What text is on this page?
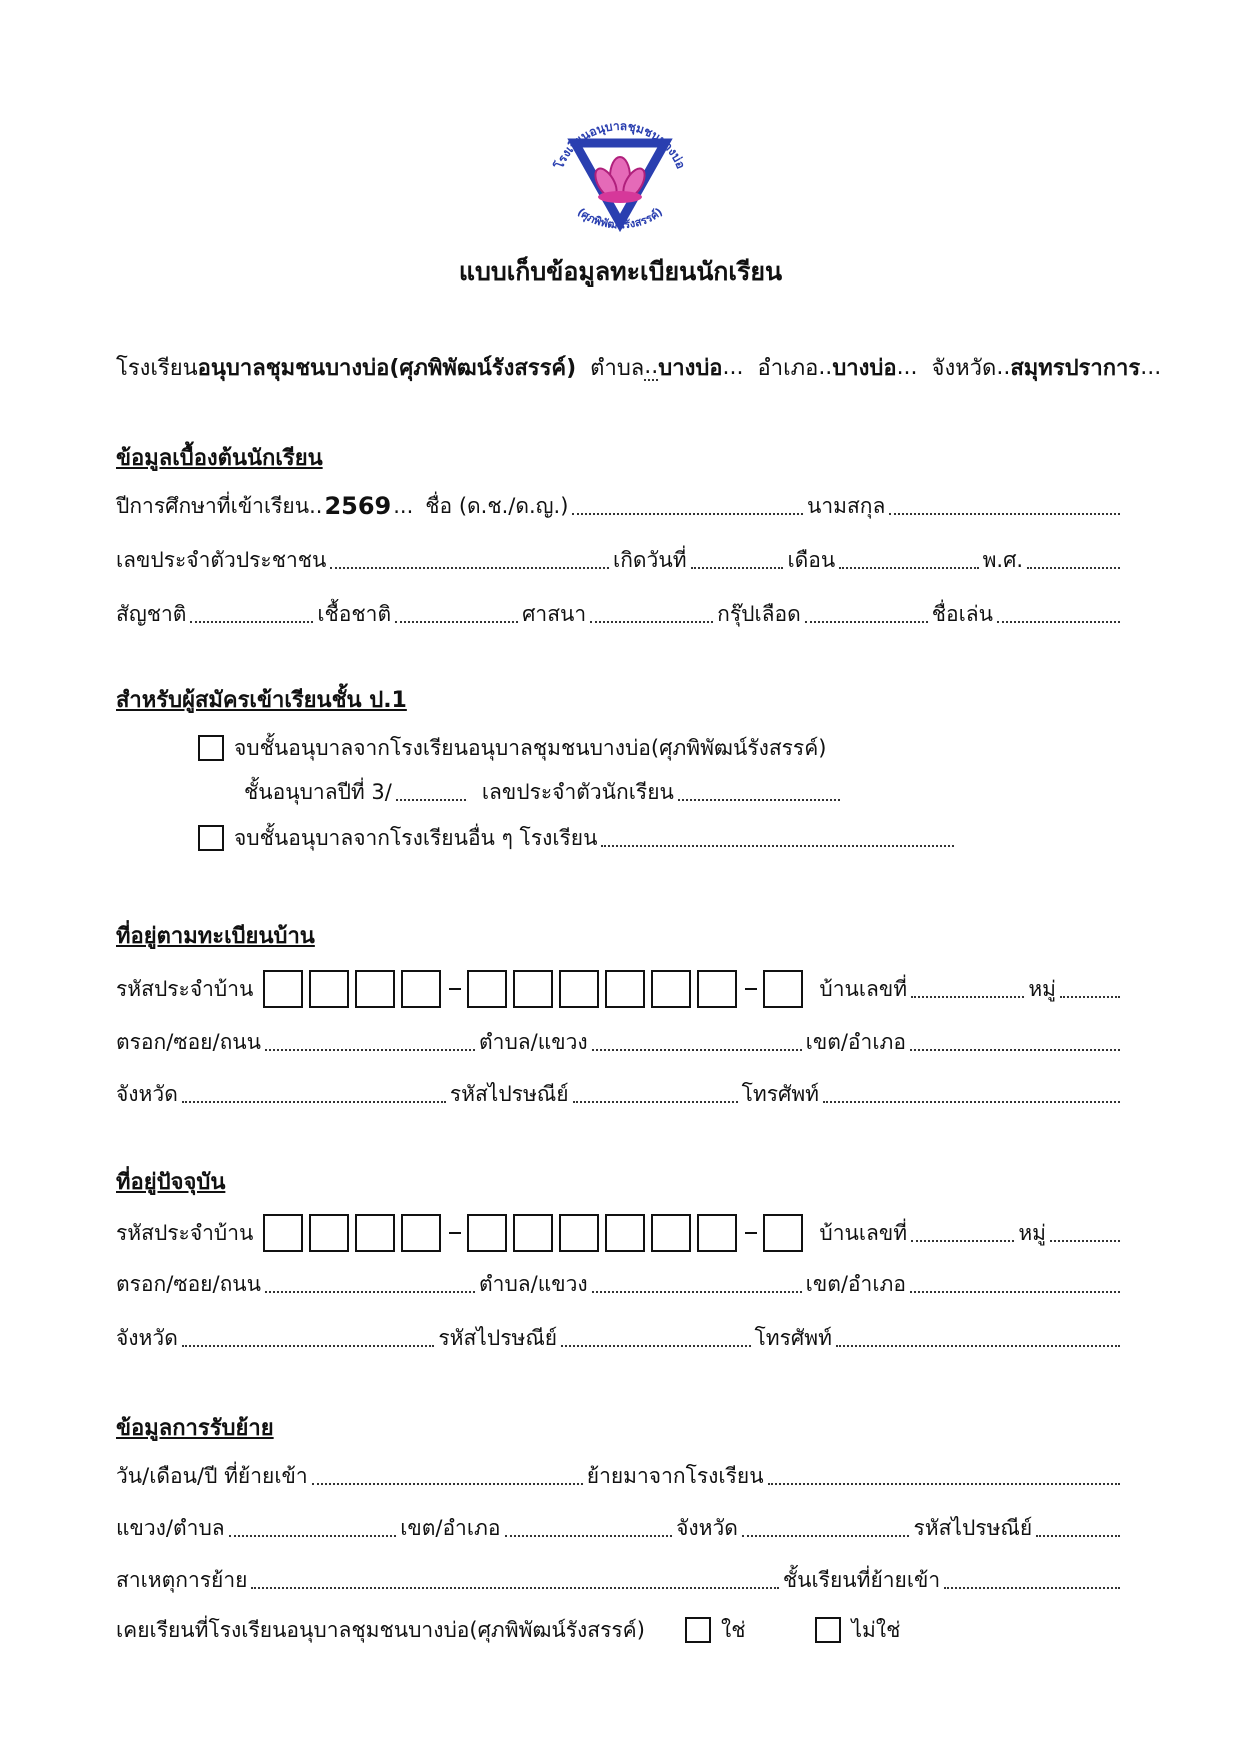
โรงเรียนอนุบาลชุมชนบางบ่อ
(ศุภพิพัฒน์รังสรรค์)
แบบเก็บข้อมูลทะเบียนนักเรียน
โรงเรียน อนุบาลชุมชนบางบ่อ(ศุภพิพัฒน์รังสรรค์) ตำบล .. บางบ่อ ... อำเภอ .. บางบ่อ ... จังหวัด .. สมุทรปราการ ...
ข้อมูลเบื้องต้นนักเรียน
ปีการศึกษาที่เข้าเรียน .. 2569 ... ชื่อ (ด.ช./ด.ญ.)	นามสกุล
เลขประจำตัวประชาชน	เกิดวันที่	เดือน	พ.ศ.
สัญชาติ	เชื้อชาติ	ศาสนา	กรุ๊ปเลือด	ชื่อเล่น
สำหรับผู้สมัครเข้าเรียนชั้น ป.1
จบชั้นอนุบาลจากโรงเรียนอนุบาลชุมชนบางบ่อ(ศุภพิพัฒน์รังสรรค์)
ชั้นอนุบาลปีที่ 3/	เลขประจำตัวนักเรียน
จบชั้นอนุบาลจากโรงเรียนอื่น ๆ โรงเรียน
ที่อยู่ตามทะเบียนบ้าน
รหัสประจำบ้าน	บ้านเลขที่	หมู่
ตรอก/ซอย/ถนน	ตำบล/แขวง	เขต/อำเภอ
จังหวัด	รหัสไปรษณีย์	โทรศัพท์
ที่อยู่ปัจจุบัน
รหัสประจำบ้าน	บ้านเลขที่	หมู่
ตรอก/ซอย/ถนน	ตำบล/แขวง	เขต/อำเภอ
จังหวัด	รหัสไปรษณีย์	โทรศัพท์
ข้อมูลการรับย้าย
วัน/เดือน/ปี ที่ย้ายเข้า	ย้ายมาจากโรงเรียน
แขวง/ตำบล	เขต/อำเภอ	จังหวัด	รหัสไปรษณีย์
สาเหตุการย้าย	ชั้นเรียนที่ย้ายเข้า
เคยเรียนที่โรงเรียนอนุบาลชุมชนบางบ่อ(ศุภพิพัฒน์รังสรรค์)	ใช่	ไม่ใช่
